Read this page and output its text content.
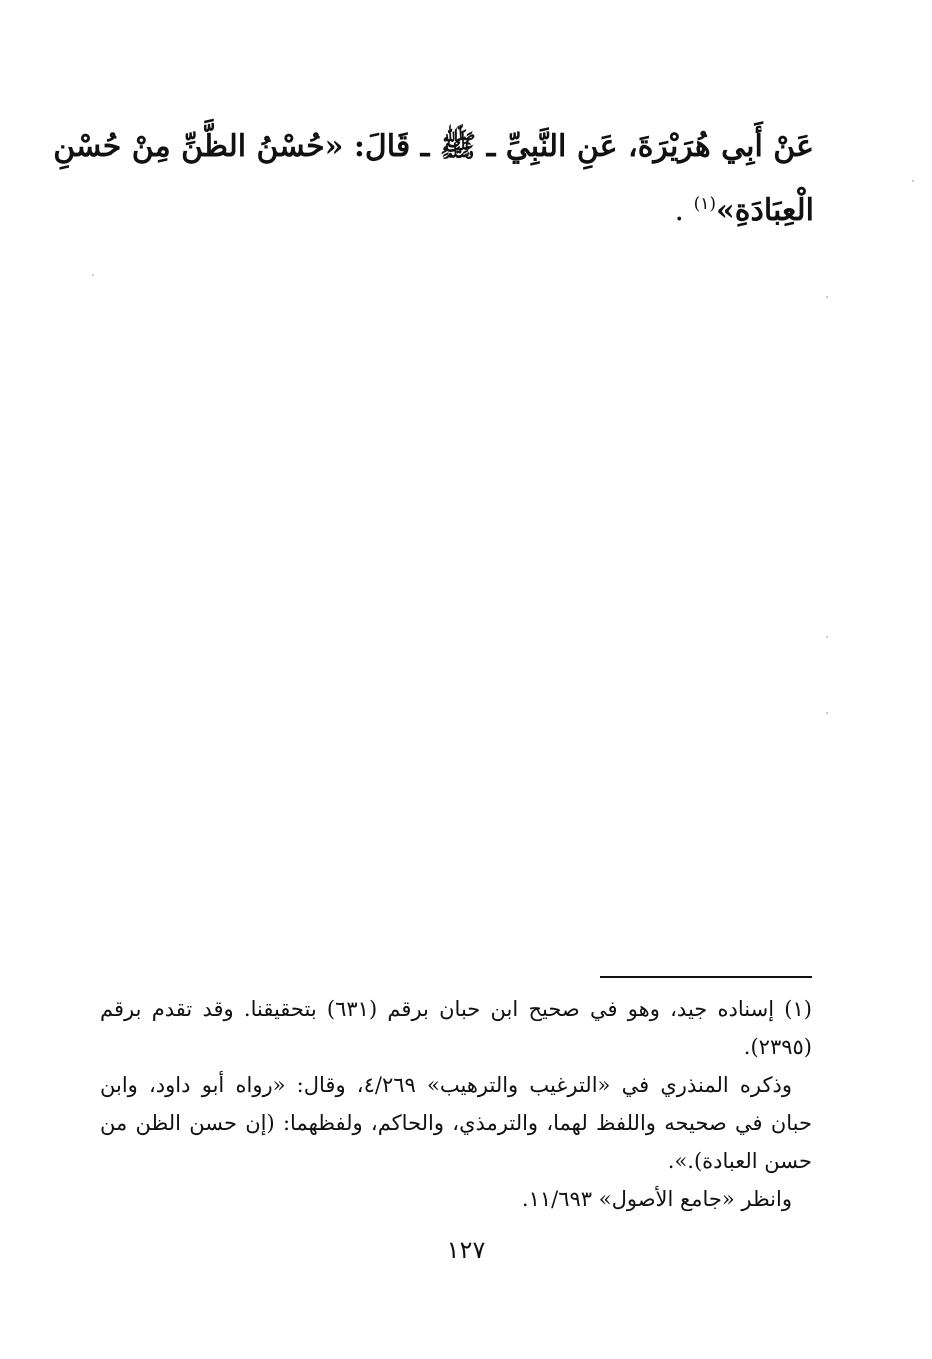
عَنْ أَبِي هُرَيْرَةَ، عَنِ النَّبِيِّ ـ ﷺ ـ قَالَ: «حُسْنُ الظَّنِّ مِنْ حُسْنِ
الْعِبَادَةِ»$^{(١)}$ .
(١) إسناده جيد، وهو في صحيح ابن حبان برقم (٦٣١) بتحقيقنا. وقد تقدم برقم
(٢٣٩٥).
وذكره المنذري في «الترغيب والترهيب» ٤/٢٦٩، وقال: «رواه أبو داود، وابن
حبان في صحيحه واللفظ لهما، والترمذي، والحاكم، ولفظهما: (إن حسن الظن من
حسن العبادة).».
وانظر «جامع الأصول» ١١/٦٩٣.
١٢٧
